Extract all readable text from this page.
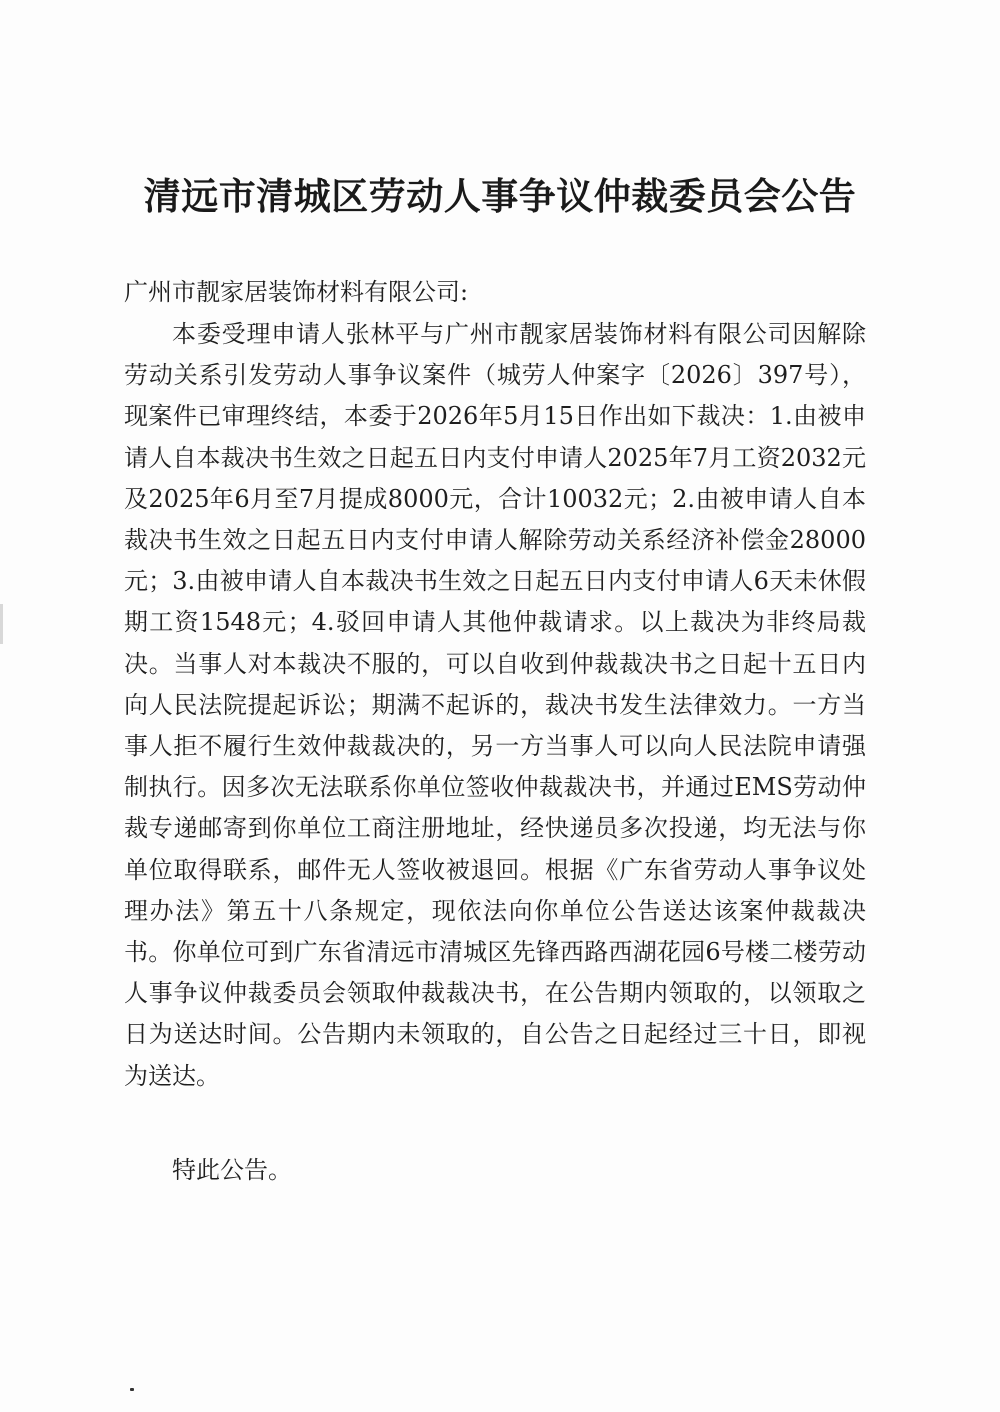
清远市清城区劳动人事争议仲裁委员会公告
广州市靓家居装饰材料有限公司:

本委受理申请人张林平与广州市靓家居装饰材料有限公司因解除劳动关系引发劳动人事争议案件（城劳人仲案字〔2026〕397号），现案件已审理终结，本委于2026年5月15日作出如下裁决：1.由被申请人自本裁决书生效之日起五日内支付申请人2025年7月工资2032元及2025年6月至7月提成8000元，合计10032元；2.由被申请人自本裁决书生效之日起五日内支付申请人解除劳动关系经济补偿金28000元；3.由被申请人自本裁决书生效之日起五日内支付申请人6天未休假期工资1548元；4.驳回申请人其他仲裁请求。以上裁决为非终局裁决。当事人对本裁决不服的，可以自收到仲裁裁决书之日起十五日内向人民法院提起诉讼；期满不起诉的，裁决书发生法律效力。一方当事人拒不履行生效仲裁裁决的，另一方当事人可以向人民法院申请强制执行。因多次无法联系你单位签收仲裁裁决书，并通过EMS劳动仲裁专递邮寄到你单位工商注册地址，经快递员多次投递，均无法与你单位取得联系，邮件无人签收被退回。根据《广东省劳动人事争议处理办法》第五十八条规定，现依法向你单位公告送达该案仲裁裁决书。你单位可到广东省清远市清城区先锋西路西湖花园6号楼二楼劳动人事争议仲裁委员会领取仲裁裁决书，在公告期内领取的，以领取之日为送达时间。公告期内未领取的，自公告之日起经过三十日，即视为送达。

特此公告。
